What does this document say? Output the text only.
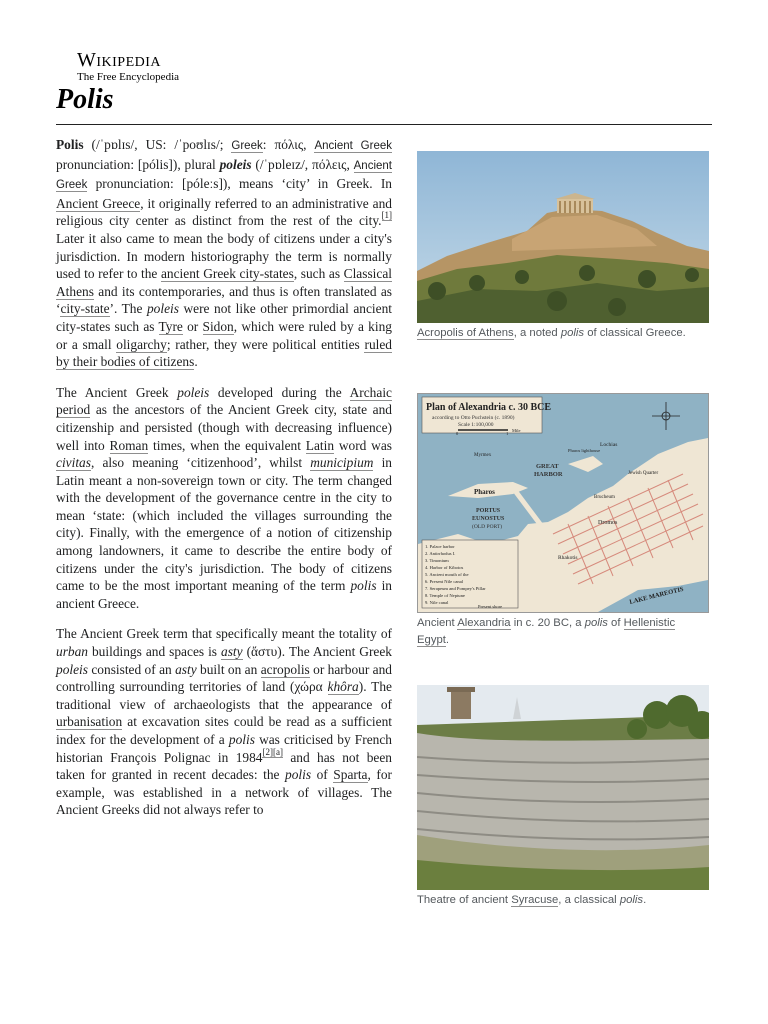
Wikipedia
The Free Encyclopedia
Polis

Polis (/ˈpɒlɪs/, US: /ˈpoʊlɪs/; Greek: πόλις, Ancient Greek pronunciation: [pólis]), plural poleis (/ˈpɒleɪz/, πόλεις, Ancient Greek pronunciation: [póleːs]), means ‘city’ in Greek. In Ancient Greece, it originally referred to an administrative and religious city center as distinct from the rest of the city.[1] Later it also came to mean the body of citizens under a city's jurisdiction. In modern historiography the term is normally used to refer to the ancient Greek city-states, such as Classical Athens and its contemporaries, and thus is often translated as ‘city-state’. The poleis were not like other primordial ancient city-states such as Tyre or Sidon, which were ruled by a king or a small oligarchy; rather, they were political entities ruled by their bodies of citizens.

The Ancient Greek poleis developed during the Archaic period as the ancestors of the Ancient Greek city, state and citizenship and persisted (though with decreasing influence) well into Roman times, when the equivalent Latin word was civitas, also meaning ‘citizenhood’, whilst municipium in Latin meant a non-sovereign town or city. The term changed with the development of the governance centre in the city to mean ‘state: (which included the villages surrounding the city). Finally, with the emergence of a notion of citizenship among landowners, it came to describe the entire body of citizens under the city's jurisdiction. The body of citizens came to be the most important meaning of the term polis in ancient Greece.

The Ancient Greek term that specifically meant the totality of urban buildings and spaces is asty (ἄστυ). The Ancient Greek poleis consisted of an asty built on an acropolis or harbour and controlling surrounding territories of land (χώρα khôra). The traditional view of archaeologists that the appearance of urbanisation at excavation sites could be read as a sufficient index for the development of a polis was criticised by French historian François Polignac in 1984[2][a] and has not been taken for granted in recent decades: the polis of Sparta, for example, was established in a network of villages. The Ancient Greeks did not always refer to

Acropolis of Athens, a noted polis of classical Greece.
Plan of Alexandria c. 30 BCE
according to Otto Puchstein (c. 1890)
Scale 1:100,000
0	1
Mile
GREAT
HARBOR
Pharos
Lochias
Myrmex
Pharos lighthouse
Jewish Quarter
Brucheum
Dromos
Rhakotis
PORTUS
EUNOSTUS
(OLD PORT)
LAKE MAREOTIS
1. Palace harbor
2. Antirrhodus I.
3. Timonium
4. Harbor of Kibotos
5. Ancient mouth of the
6. Present Nile canal
7. Serapeum and Pompey's Pillar
8. Temple of Neptune
9. Nile canal
Present shore
Ancient Alexandria in c. 20 BC, a polis of Hellenistic Egypt.
Theatre of ancient Syracuse, a classical polis.
